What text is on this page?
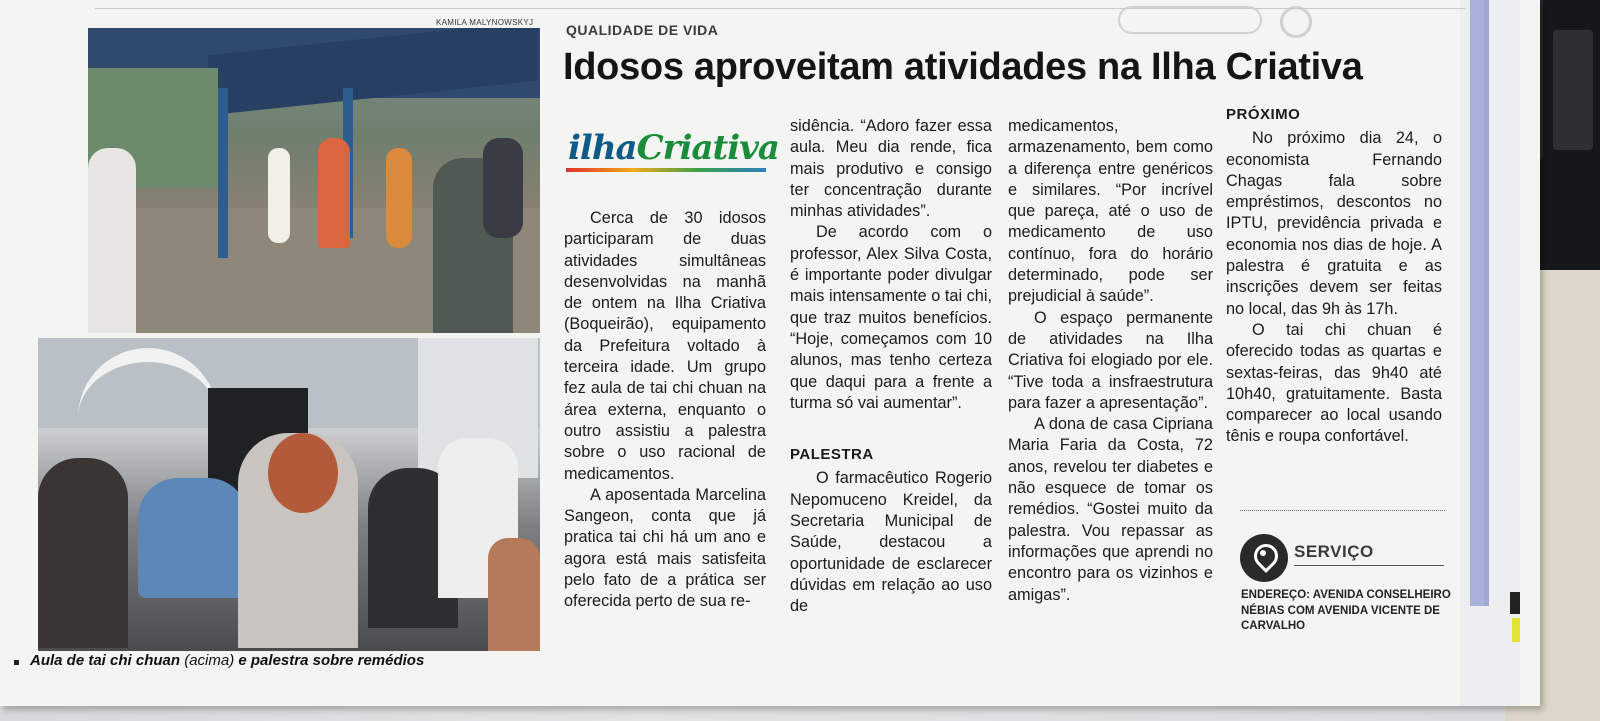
KAMILA MALYNOWSKYJ
Aula de tai chi chuan (acima) e palestra sobre remédios
QUALIDADE DE VIDA
Idosos aproveitam atividades na Ilha Criativa
ilhaCriativa

Cerca de 30 idosos participaram de duas atividades simultâneas desenvolvidas na manhã de ontem na Ilha Criativa (Boqueirão), equipamento da Prefeitura voltado à terceira idade. Um grupo fez aula de tai chi chuan na área externa, enquanto o outro assistiu a palestra sobre o uso racional de medicamentos.

A aposentada Marcelina Sangeon, conta que já pratica tai chi há um ano e agora está mais satisfeita pelo fato de a prática ser oferecida perto de sua re-

sidência. “Adoro fazer essa aula. Meu dia rende, fica mais produtivo e consigo ter concentração durante minhas atividades”.

De acordo com o professor, Alex Silva Costa, é importante poder divulgar mais intensamente o tai chi, que traz muitos benefícios. “Hoje, começamos com 10 alunos, mas tenho certeza que daqui para a frente a turma só vai aumentar”.

PALESTRA

O farmacêutico Rogerio Nepomuceno Kreidel, da Secretaria Municipal de Saúde, destacou a oportunidade de esclarecer dúvidas em relação ao uso de

medicamentos, armazenamento, bem como a diferença entre genéricos e similares. “Por incrível que pareça, até o uso de medicamento de uso contínuo, fora do horário determinado, pode ser prejudicial à saúde”.

O espaço permanente de atividades na Ilha Criativa foi elogiado por ele. “Tive toda a insfraestrutura para fazer a apresentação”.

A dona de casa Cipriana Maria Faria da Costa, 72 anos, revelou ter diabetes e não esquece de tomar os remédios. “Gostei muito da palestra. Vou repassar as informações que aprendi no encontro para os vizinhos e amigas”.

PRÓXIMO

No próximo dia 24, o economista Fernando Chagas fala sobre empréstimos, descontos no IPTU, previdência privada e economia nos dias de hoje. A palestra é gratuita e as inscrições devem ser feitas no local, das 9h às 17h.

O tai chi chuan é oferecido todas as quartas e sextas-feiras, das 9h40 até 10h40, gratuitamente. Basta comparecer ao local usando tênis e roupa confortável.

SERVIÇO
ENDEREÇO: AVENIDA CONSELHEIRO NÉBIAS COM AVENIDA VICENTE DE CARVALHO
